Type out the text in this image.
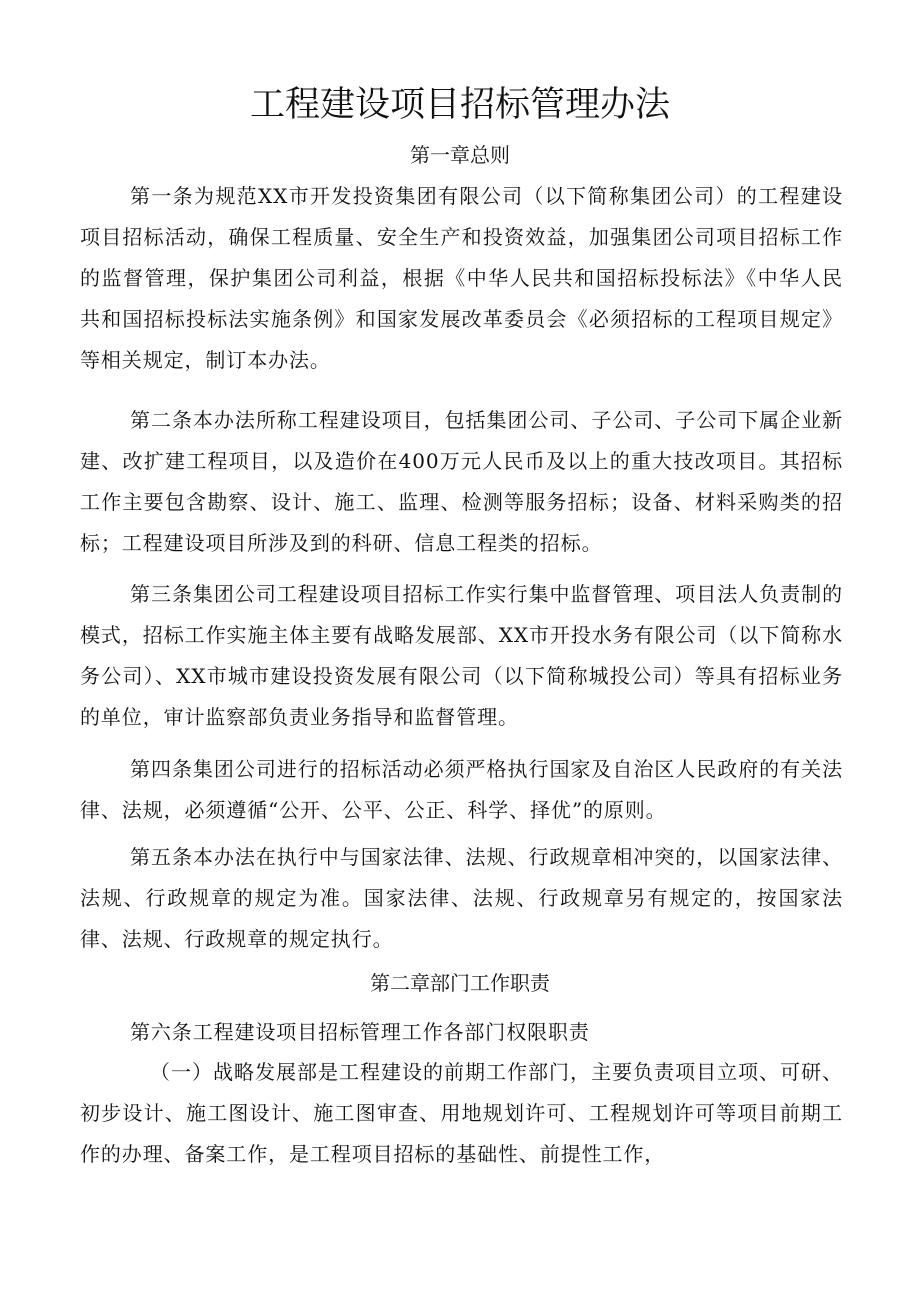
工程建设项目招标管理办法
第一章总则

第一条为规范XX市开发投资集团有限公司（以下简称集团公司）的工程建设项目招标活动，确保工程质量、安全生产和投资效益，加强集团公司项目招标工作的监督管理，保护集团公司利益，根据《中华人民共和国招标投标法》《中华人民共和国招标投标法实施条例》和国家发展改革委员会《必须招标的工程项目规定》等相关规定，制订本办法。

第二条本办法所称工程建设项目，包括集团公司、子公司、子公司下属企业新建、改扩建工程项目，以及造价在400万元人民币及以上的重大技改项目。其招标工作主要包含勘察、设计、施工、监理、检测等服务招标；设备、材料采购类的招标；工程建设项目所涉及到的科研、信息工程类的招标。

第三条集团公司工程建设项目招标工作实行集中监督管理、项目法人负责制的模式，招标工作实施主体主要有战略发展部、XX市开投水务有限公司（以下简称水务公司）、XX市城市建设投资发展有限公司（以下简称城投公司）等具有招标业务的单位，审计监察部负责业务指导和监督管理。

第四条集团公司进行的招标活动必须严格执行国家及自治区人民政府的有关法律、法规，必须遵循“公开、公平、公正、科学、择优”的原则。

第五条本办法在执行中与国家法律、法规、行政规章相冲突的，以国家法律、法规、行政规章的规定为准。国家法律、法规、行政规章另有规定的，按国家法律、法规、行政规章的规定执行。

第二章部门工作职责

第六条工程建设项目招标管理工作各部门权限职责

（一）战略发展部是工程建设的前期工作部门，主要负责项目立项、可研、初步设计、施工图设计、施工图审查、用地规划许可、工程规划许可等项目前期工作的办理、备案工作，是工程项目招标的基础性、前提性工作，
